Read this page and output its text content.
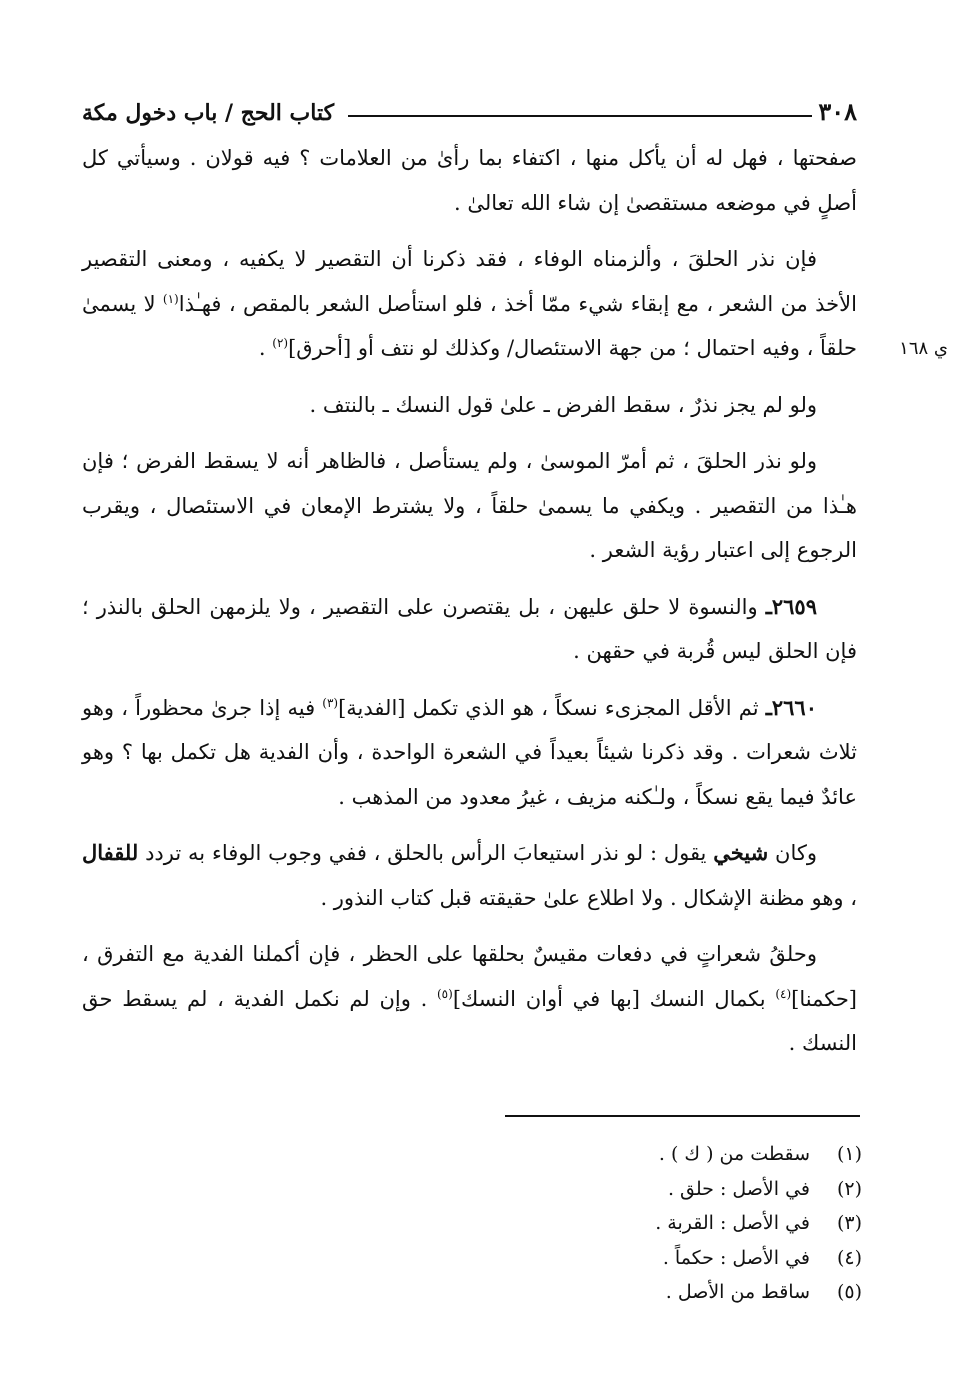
٣٠٨
كتاب الحج / باب دخول مكة
ي ١٦٨

صفحتها ، فهل له أن يأكل منها ، اكتفاء بما رأىٰ من العلامات ؟ فيه قولان . وسيأتي كل أصلٍ في موضعه مستقصىٰ إن شاء الله تعالىٰ .

فإن نذر الحلقَ ، وألزمناه الوفاء ، فقد ذكرنا أن التقصير لا يكفيه ، ومعنى التقصير الأخذ من الشعر ، مع إبقاء شيء ممّا أخذ ، فلو استأصل الشعر بالمقص ، فهـٰذا$^{(١)}$ لا يسمىٰ حلقاً ، وفيه احتمال ؛ من جهة الاستئصال/ وكذلك لو نتف أو [أحرق]$^{(٢)}$ .

ولو لم يجز نذرٌ ، سقط الفرض ـ علىٰ قول النسك ـ بالنتف .

ولو نذر الحلقَ ، ثم أمرّ الموسىٰ ، ولم يستأصل ، فالظاهر أنه لا يسقط الفرض ؛ فإن هـٰذا من التقصير . ويكفي ما يسمىٰ حلقاً ، ولا يشترط الإمعان في الاستئصال ، ويقرب الرجوع إلى اعتبار رؤية الشعر .

٢٦٥٩ـ والنسوة لا حلق عليهن ، بل يقتصرن على التقصير ، ولا يلزمهن الحلق بالنذر ؛ فإن الحلق ليس قُربة في حقهن .

٢٦٦٠ـ ثم الأقل المجزىء نسكاً ، هو الذي تكمل [الفدية]$^{(٣)}$ فيه إذا جرىٰ محظوراً ، وهو ثلاث شعرات . وقد ذكرنا شيئاً بعيداً في الشعرة الواحدة ، وأن الفدية هل تكمل بها ؟ وهو عائدٌ فيما يقع نسكاً ، ولـٰكنه مزيف ، غيرُ معدود من المذهب .

وكان شيخي يقول : لو نذر استيعابَ الرأس بالحلق ، ففي وجوب الوفاء به تردد للقفال ، وهو مظنة الإشكال . ولا اطلاع علىٰ حقيقته قبل كتاب النذور .

وحلقُ شعراتٍ في دفعات مقيسٌ بحلقها على الحظر ، فإن أكملنا الفدية مع التفرق ، [حكمنا]$^{(٤)}$ بكمال النسك [بها في أوان النسك]$^{(٥)}$ . وإن لم نكمل الفدية ، لم يسقط حق النسك .

(١)
سقطت من ( ك ) .
(٢)
في الأصل : حلق .
(٣)
في الأصل : القربة .
(٤)
في الأصل : حكماً .
(٥)
ساقط من الأصل .
